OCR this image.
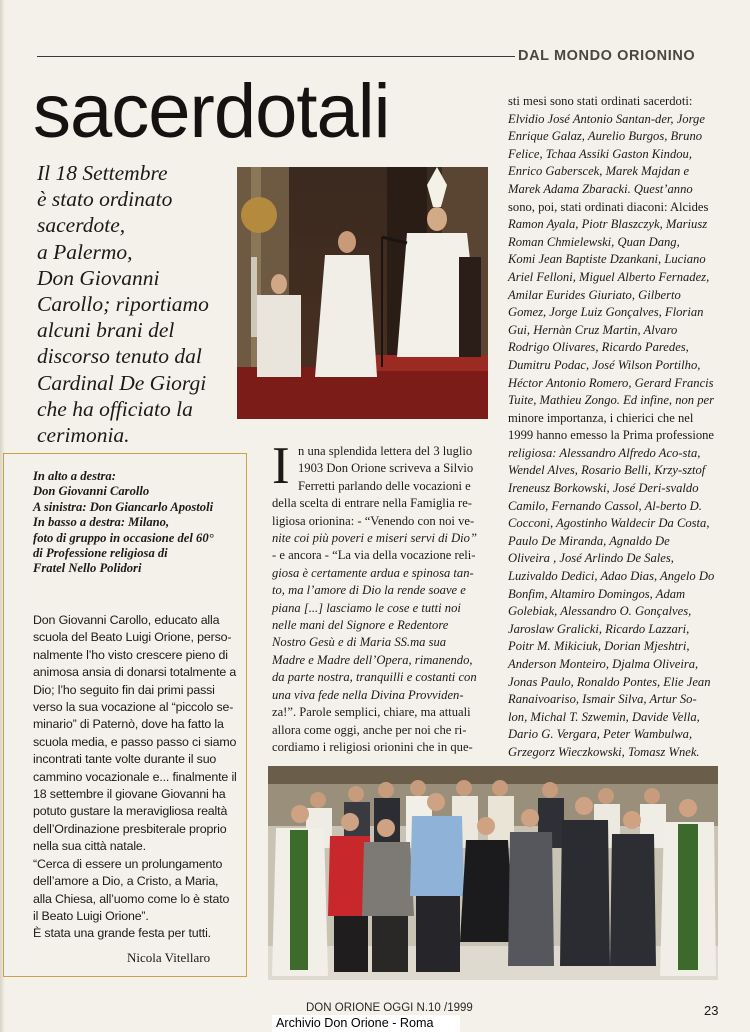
DAL MONDO ORIONINO
sacerdotali
Il 18 Settembre
è stato ordinato
sacerdote,
a Palermo,
Don Giovanni
Carollo; riportiamo
alcuni brani del
discorso tenuto dal
Cardinal De Giorgi
che ha officiato la
cerimonia.
In alto a destra:
Don Giovanni Carollo
A sinistra: Don Giancarlo Apostoli
In basso a destra: Milano,
foto di gruppo in occasione del 60°
di Professione religiosa di
Fratel Nello Polidori
Don Giovanni Carollo, educato alla
scuola del Beato Luigi Orione, perso-
nalmente l’ho visto crescere pieno di
animosa ansia di donarsi totalmente a
Dio; l’ho seguito fin dai primi passi
verso la sua vocazione al “piccolo se-
minario” di Paternò, dove ha fatto la
scuola media, e passo passo ci siamo
incontrati tante volte durante il suo
cammino vocazionale e... finalmente il
18 settembre il giovane Giovanni ha
potuto gustare la meravigliosa realtà
dell’Ordinazione presbiterale proprio
nella sua città natale.
“Cerca di essere un prolungamento
dell’amore a Dio, a Cristo, a Maria,
alla Chiesa, all’uomo come lo è stato
il Beato Luigi Orione”.
È stata una grande festa per tutti.
Nicola Vitellaro
I n una splendida lettera del 3 luglio
1903 Don Orione scriveva a Silvio
Ferretti parlando delle vocazioni e
della scelta di entrare nella Famiglia re-
ligiosa orionina: - “Venendo con noi ve-
nite coi più poveri e miseri servi di Dio”
- e ancora - “La via della vocazione reli-
giosa è certamente ardua e spinosa tan-
to, ma l’amore di Dio la rende soave e
piana [...] lasciamo le cose e tutti noi
nelle mani del Signore e Redentore
Nostro Gesù e di Maria SS.ma sua
Madre e Madre dell’Opera, rimanendo,
da parte nostra, tranquilli e costanti con
una viva fede nella Divina Provviden-
za!”. Parole semplici, chiare, ma attuali
allora come oggi, anche per noi che ri-
cordiamo i religiosi orionini che in que-
sti mesi sono stati ordinati sacerdoti:
Elvidio José Antonio Santan-der, Jorge
Enrique Galaz, Aurelio Burgos, Bruno
Felice, Tchaa Assiki Gaston Kindou,
Enrico Gaberscek, Marek Majdan e
Marek Adama Zbaracki. Quest’anno
sono, poi, stati ordinati diaconi: Alcides
Ramon Ayala, Piotr Blaszczyk, Mariusz
Roman Chmielewski, Quan Dang,
Komi Jean Baptiste Dzankani, Luciano
Ariel Felloni, Miguel Alberto Fernadez,
Amilar Eurides Giuriato, Gilberto
Gomez, Jorge Luiz Gonçalves, Florian
Gui, Hernàn Cruz Martin, Alvaro
Rodrigo Olivares, Ricardo Paredes,
Dumitru Podac, José Wilson Portilho,
Héctor Antonio Romero, Gerard Francis
Tuite, Mathieu Zongo. Ed infine, non per
minore importanza, i chierici che nel
1999 hanno emesso la Prima professione
religiosa: Alessandro Alfredo Aco-sta,
Wendel Alves, Rosario Belli, Krzy-sztof
Ireneusz Borkowski, José Deri-svaldo
Camilo, Fernando Cassol, Al-berto D.
Cocconi, Agostinho Waldecir Da Costa,
Paulo De Miranda, Agnaldo De
Oliveira , José Arlindo De Sales,
Luzivaldo Dedici, Adao Dias, Angelo Do
Bonfim, Altamiro Domingos, Adam
Golebiak, Alessandro O. Gonçalves,
Jaroslaw Gralicki, Ricardo Lazzari,
Poitr M. Mikiciuk, Dorian Mjeshtri,
Anderson Monteiro, Djalma Oliveira,
Jonas Paulo, Ronaldo Pontes, Elie Jean
Ranaivoariso, Ismair Silva, Artur So-
lon, Michal T. Szwemin, Davide Vella,
Dario G. Vergara, Peter Wambulwa,
Grzegorz Wieczkowski, Tomasz Wnek.
DON ORIONE OGGI N.10 /1999	23
Archivio Don Orione - Roma
